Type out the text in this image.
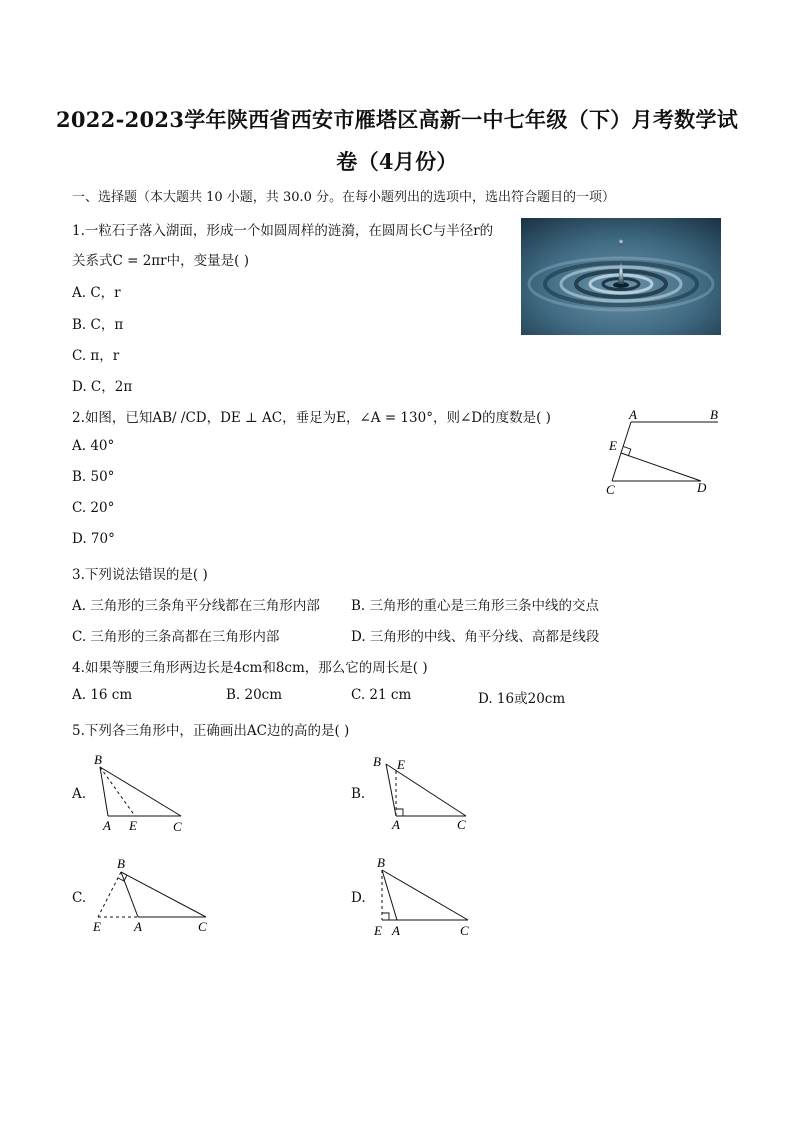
2022-2023学年陕西省西安市雁塔区高新一中七年级（下）月考数学试
卷（4月份）
一、选择题（本大题共 10 小题，共 30.0 分。在每小题列出的选项中，选出符合题目的一项）
1.一粒石子落入湖面，形成一个如圆周样的涟漪，在圆周长C与半径r的
关系式C = 2πr中，变量是( )
A. C，r
B. C，π
C. π，r
D. C，2π
2.如图，已知AB/ /CD，DE ⊥ AC，垂足为E，∠A = 130°，则∠D的度数是( )
A. 40°
B. 50°
C. 20°
D. 70°
A	B
E
C	D
3.下列说法错误的是( )
A. 三角形的三条角平分线都在三角形内部 B. 三角形的重心是三角形三条中线的交点
C. 三角形的三条高都在三角形内部	D. 三角形的中线、角平分线、高都是线段
4.如果等腰三角形两边长是4cm和8cm，那么它的周长是( )
A. 16 cm	B. 20cm	C. 21 cm	D. 16或20cm
5.下列各三角形中，正确画出AC边的高的是( )
A.
B
A E	C
B.
B E
A	C
C.
B
E	A	C
D.
B
E A	C
